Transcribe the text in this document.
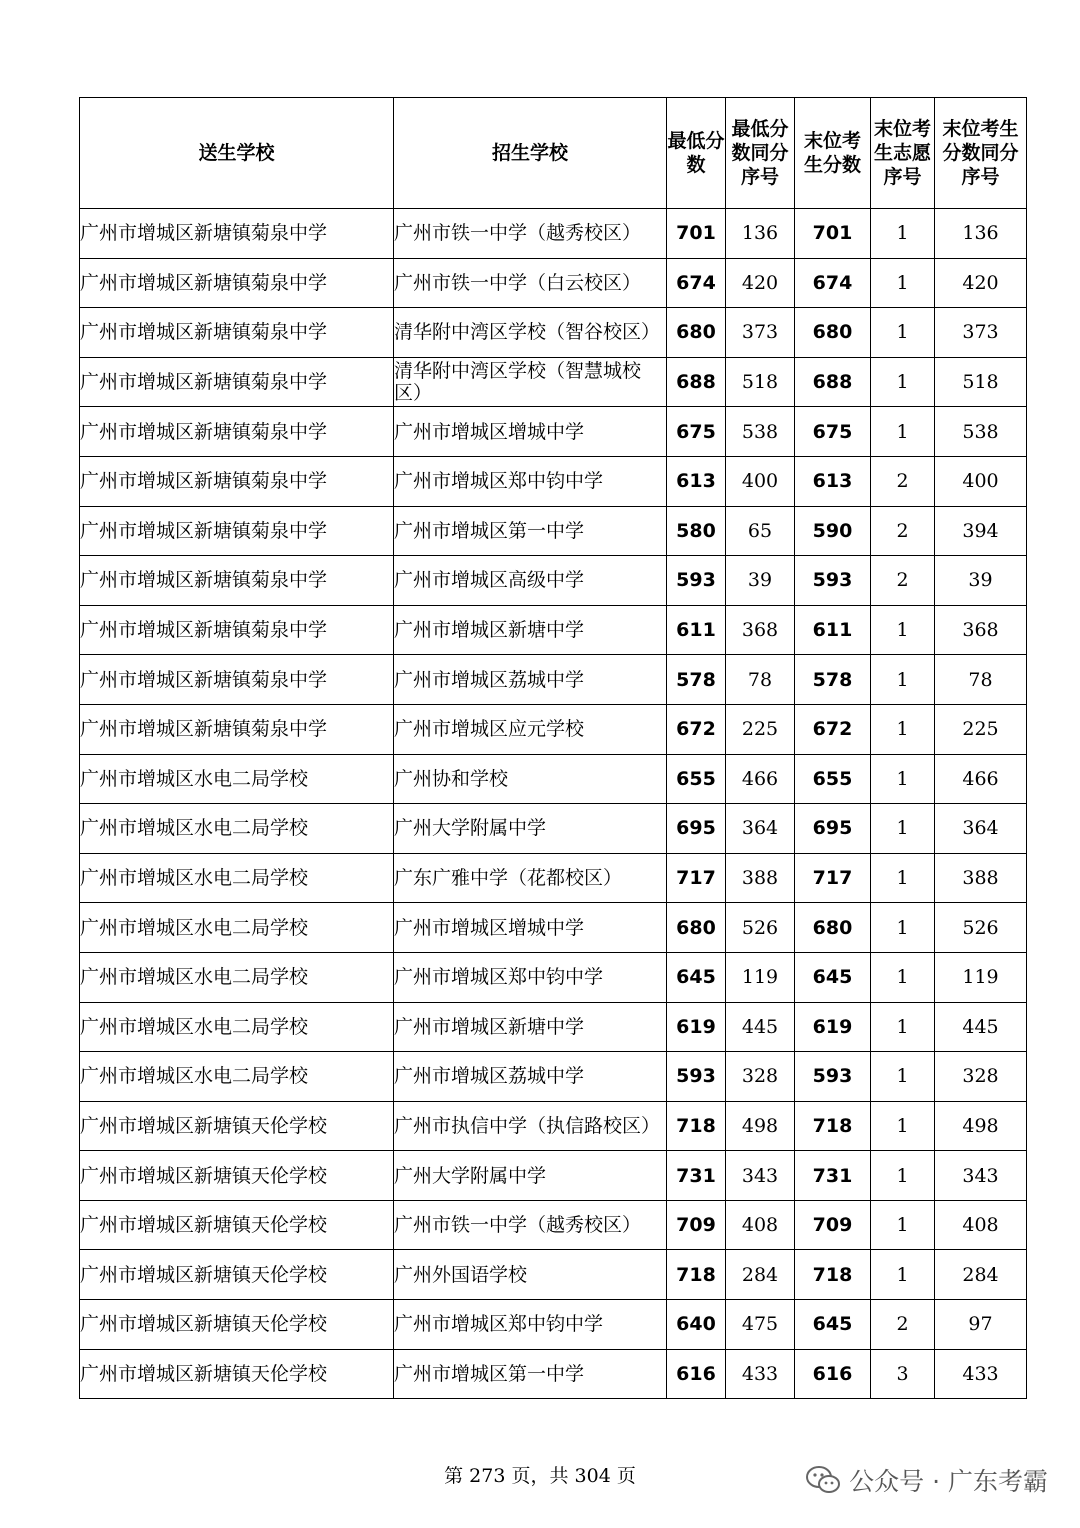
送生学校	招生学校	最低分数	最低分数同分序号	末位考生分数	末位考生志愿序号	末位考生分数同分序号
广州市增城区新塘镇菊泉中学	广州市铁一中学（越秀校区）	701	136	701	1	136
广州市增城区新塘镇菊泉中学	广州市铁一中学（白云校区）	674	420	674	1	420
广州市增城区新塘镇菊泉中学	清华附中湾区学校（智谷校区）	680	373	680	1	373
广州市增城区新塘镇菊泉中学	清华附中湾区学校（智慧城校区）	688	518	688	1	518
广州市增城区新塘镇菊泉中学	广州市增城区增城中学	675	538	675	1	538
广州市增城区新塘镇菊泉中学	广州市增城区郑中钧中学	613	400	613	2	400
广州市增城区新塘镇菊泉中学	广州市增城区第一中学	580	65	590	2	394
广州市增城区新塘镇菊泉中学	广州市增城区高级中学	593	39	593	2	39
广州市增城区新塘镇菊泉中学	广州市增城区新塘中学	611	368	611	1	368
广州市增城区新塘镇菊泉中学	广州市增城区荔城中学	578	78	578	1	78
广州市增城区新塘镇菊泉中学	广州市增城区应元学校	672	225	672	1	225
广州市增城区水电二局学校	广州协和学校	655	466	655	1	466
广州市增城区水电二局学校	广州大学附属中学	695	364	695	1	364
广州市增城区水电二局学校	广东广雅中学（花都校区）	717	388	717	1	388
广州市增城区水电二局学校	广州市增城区增城中学	680	526	680	1	526
广州市增城区水电二局学校	广州市增城区郑中钧中学	645	119	645	1	119
广州市增城区水电二局学校	广州市增城区新塘中学	619	445	619	1	445
广州市增城区水电二局学校	广州市增城区荔城中学	593	328	593	1	328
广州市增城区新塘镇天伦学校	广州市执信中学（执信路校区）	718	498	718	1	498
广州市增城区新塘镇天伦学校	广州大学附属中学	731	343	731	1	343
广州市增城区新塘镇天伦学校	广州市铁一中学（越秀校区）	709	408	709	1	408
广州市增城区新塘镇天伦学校	广州外国语学校	718	284	718	1	284
广州市增城区新塘镇天伦学校	广州市增城区郑中钧中学	640	475	645	2	97
广州市增城区新塘镇天伦学校	广州市增城区第一中学	616	433	616	3	433
第 273 页，共 304 页	公众号 · 广东考霸
